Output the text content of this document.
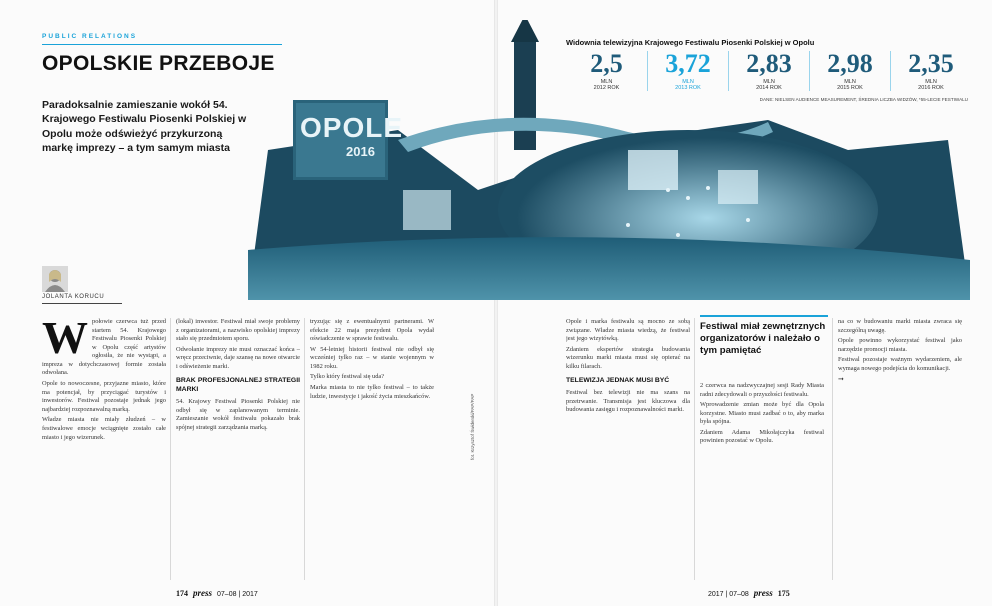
PUBLIC RELATIONS
OPOLSKIE PRZEBOJE

Paradoksalnie zamieszanie wokół 54. Krajowego Festiwalu Piosenki Polskiej w Opolu może odświeżyć przykurzoną markę imprezy – a tym samym miasta

OPOLE
2016
Widownia telewizyjna Krajowego Festiwalu Piosenki Polskiej w Opolu
2,5
MLN
2012 ROK
3,72
MLN
2013 ROK
2,83
MLN
2014 ROK
2,98
MLN
2015 ROK
2,35
MLN
2016 ROK
DANE: NIELSEN AUDIENCE MEASUREMENT, ŚREDNIA LICZBA WIDZÓW, *55-LECIE FESTIWALU
JOLANTA KORUCU
W połowie czerwca tuż przed startem 54. Krajowego Festiwalu Piosenki Polskiej w Opolu część artystów ogłosiła, że nie wystąpi, a impreza w dotychczasowej formie została odwołana.

Opole to nowoczesne, przyjazne miasto, które ma potencjał, by przyciągać turystów i inwestorów. Festiwal pozostaje jednak jego najbardziej rozpoznawalną marką.

Władze miasta nie miały złudzeń – w festiwalowe emocje wciągnięte zostało całe miasto i jego wizerunek.

(lokal) inwestor. Festiwal miał swoje problemy z organizatorami, a nazwisko opolskiej imprezy stało się przedmiotem sporu.

Odwołanie imprezy nie musi oznaczać końca – wręcz przeciwnie, daje szansę na nowe otwarcie i odświeżenie marki.

BRAK PROFESJONALNEJ STRATEGII MARKI

54. Krajowy Festiwal Piosenki Polskiej nie odbył się w zaplanowanym terminie. Zamieszanie wokół festiwalu pokazało brak spójnej strategii zarządzania marką.

tryzując się z ewentualnymi partnerami. W efekcie 22 maja prezydent Opola wydał oświadczenie w sprawie festiwalu.

W 54-letniej historii festiwal nie odbył się wcześniej tylko raz – w stanie wojennym w 1982 roku.

Tylko który festiwal się uda?

Marka miasta to nie tylko festiwal – to także ludzie, inwestycje i jakość życia mieszkańców.	fot. Krzysztof Świderski/PAP/PAP

Opole i marka festiwalu są mocno ze sobą związane. Władze miasta wiedzą, że festiwal jest jego wizytówką.

Zdaniem ekspertów strategia budowania wizerunku marki miasta musi się opierać na kilku filarach.

TELEWIZJA JEDNAK MUSI BYĆ

Festiwal bez telewizji nie ma szans na przetrwanie. Transmisja jest kluczowa dla budowania zasięgu i rozpoznawalności marki.

Festiwal miał zewnętrznych organizatorów i należało o tym pamiętać

2 czerwca na nadzwyczajnej sesji Rady Miasta radni zdecydowali o przyszłości festiwalu.

Wprowadzenie zmian może być dla Opola korzystne. Miasto musi zadbać o to, aby marka była spójna.

Zdaniem Adama Mikołajczyka festiwal powinien pozostać w Opolu.

na co w budowaniu marki miasta zwraca się szczególną uwagę.

Opole powinno wykorzystać festiwal jako narzędzie promocji miasta.

Festiwal pozostaje ważnym wydarzeniem, ale wymaga nowego podejścia do komunikacji.

➞
174 press 07–08 | 2017	2017 | 07–08 press 175
